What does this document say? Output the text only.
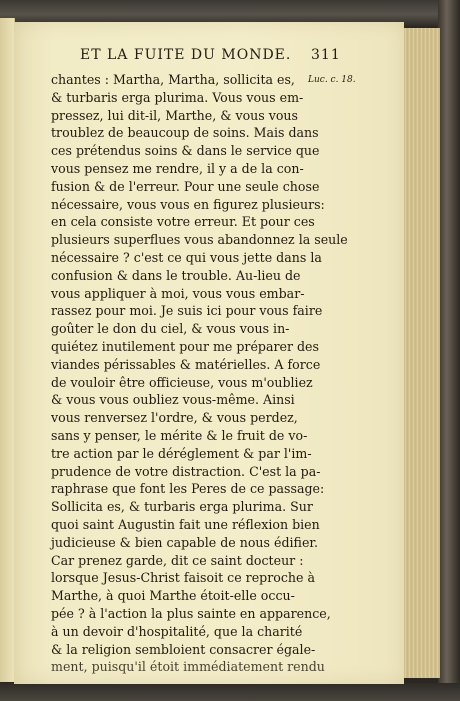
ET LA FUITE DU MONDE. 311
Luc. c. 18.
chantes : Martha, Martha, sollicita es,
& turbaris erga plurima. Vous vous em-
pressez, lui dit-il, Marthe, & vous vous
troublez de beaucoup de soins. Mais dans
ces prétendus soins & dans le service que
vous pensez me rendre, il y a de la con-
fusion & de l'erreur. Pour une seule chose
nécessaire, vous vous en figurez plusieurs:
en cela consiste votre erreur. Et pour ces
plusieurs superflues vous abandonnez la seule
nécessaire ? c'est ce qui vous jette dans la
confusion & dans le trouble. Au-lieu de
vous appliquer à moi, vous vous embar-
rassez pour moi. Je suis ici pour vous faire
goûter le don du ciel, & vous vous in-
quiétez inutilement pour me préparer des
viandes périssables & matérielles. A force
de vouloir être officieuse, vous m'oubliez
& vous vous oubliez vous-même. Ainsi
vous renversez l'ordre, & vous perdez,
sans y penser, le mérite & le fruit de vo-
tre action par le déréglement & par l'im-
prudence de votre distraction. C'est la pa-
raphrase que font les Peres de ce passage:
Sollicita es, & turbaris erga plurima. Sur
quoi saint Augustin fait une réflexion bien
judicieuse & bien capable de nous édifier.
Car prenez garde, dit ce saint docteur :
lorsque Jesus-Christ faisoit ce reproche à
Marthe, à quoi Marthe étoit-elle occu-
pée ? à l'action la plus sainte en apparence,
à un devoir d'hospitalité, que la charité
& la religion sembloient consacrer égale-
ment, puisqu'il étoit immédiatement rendu
